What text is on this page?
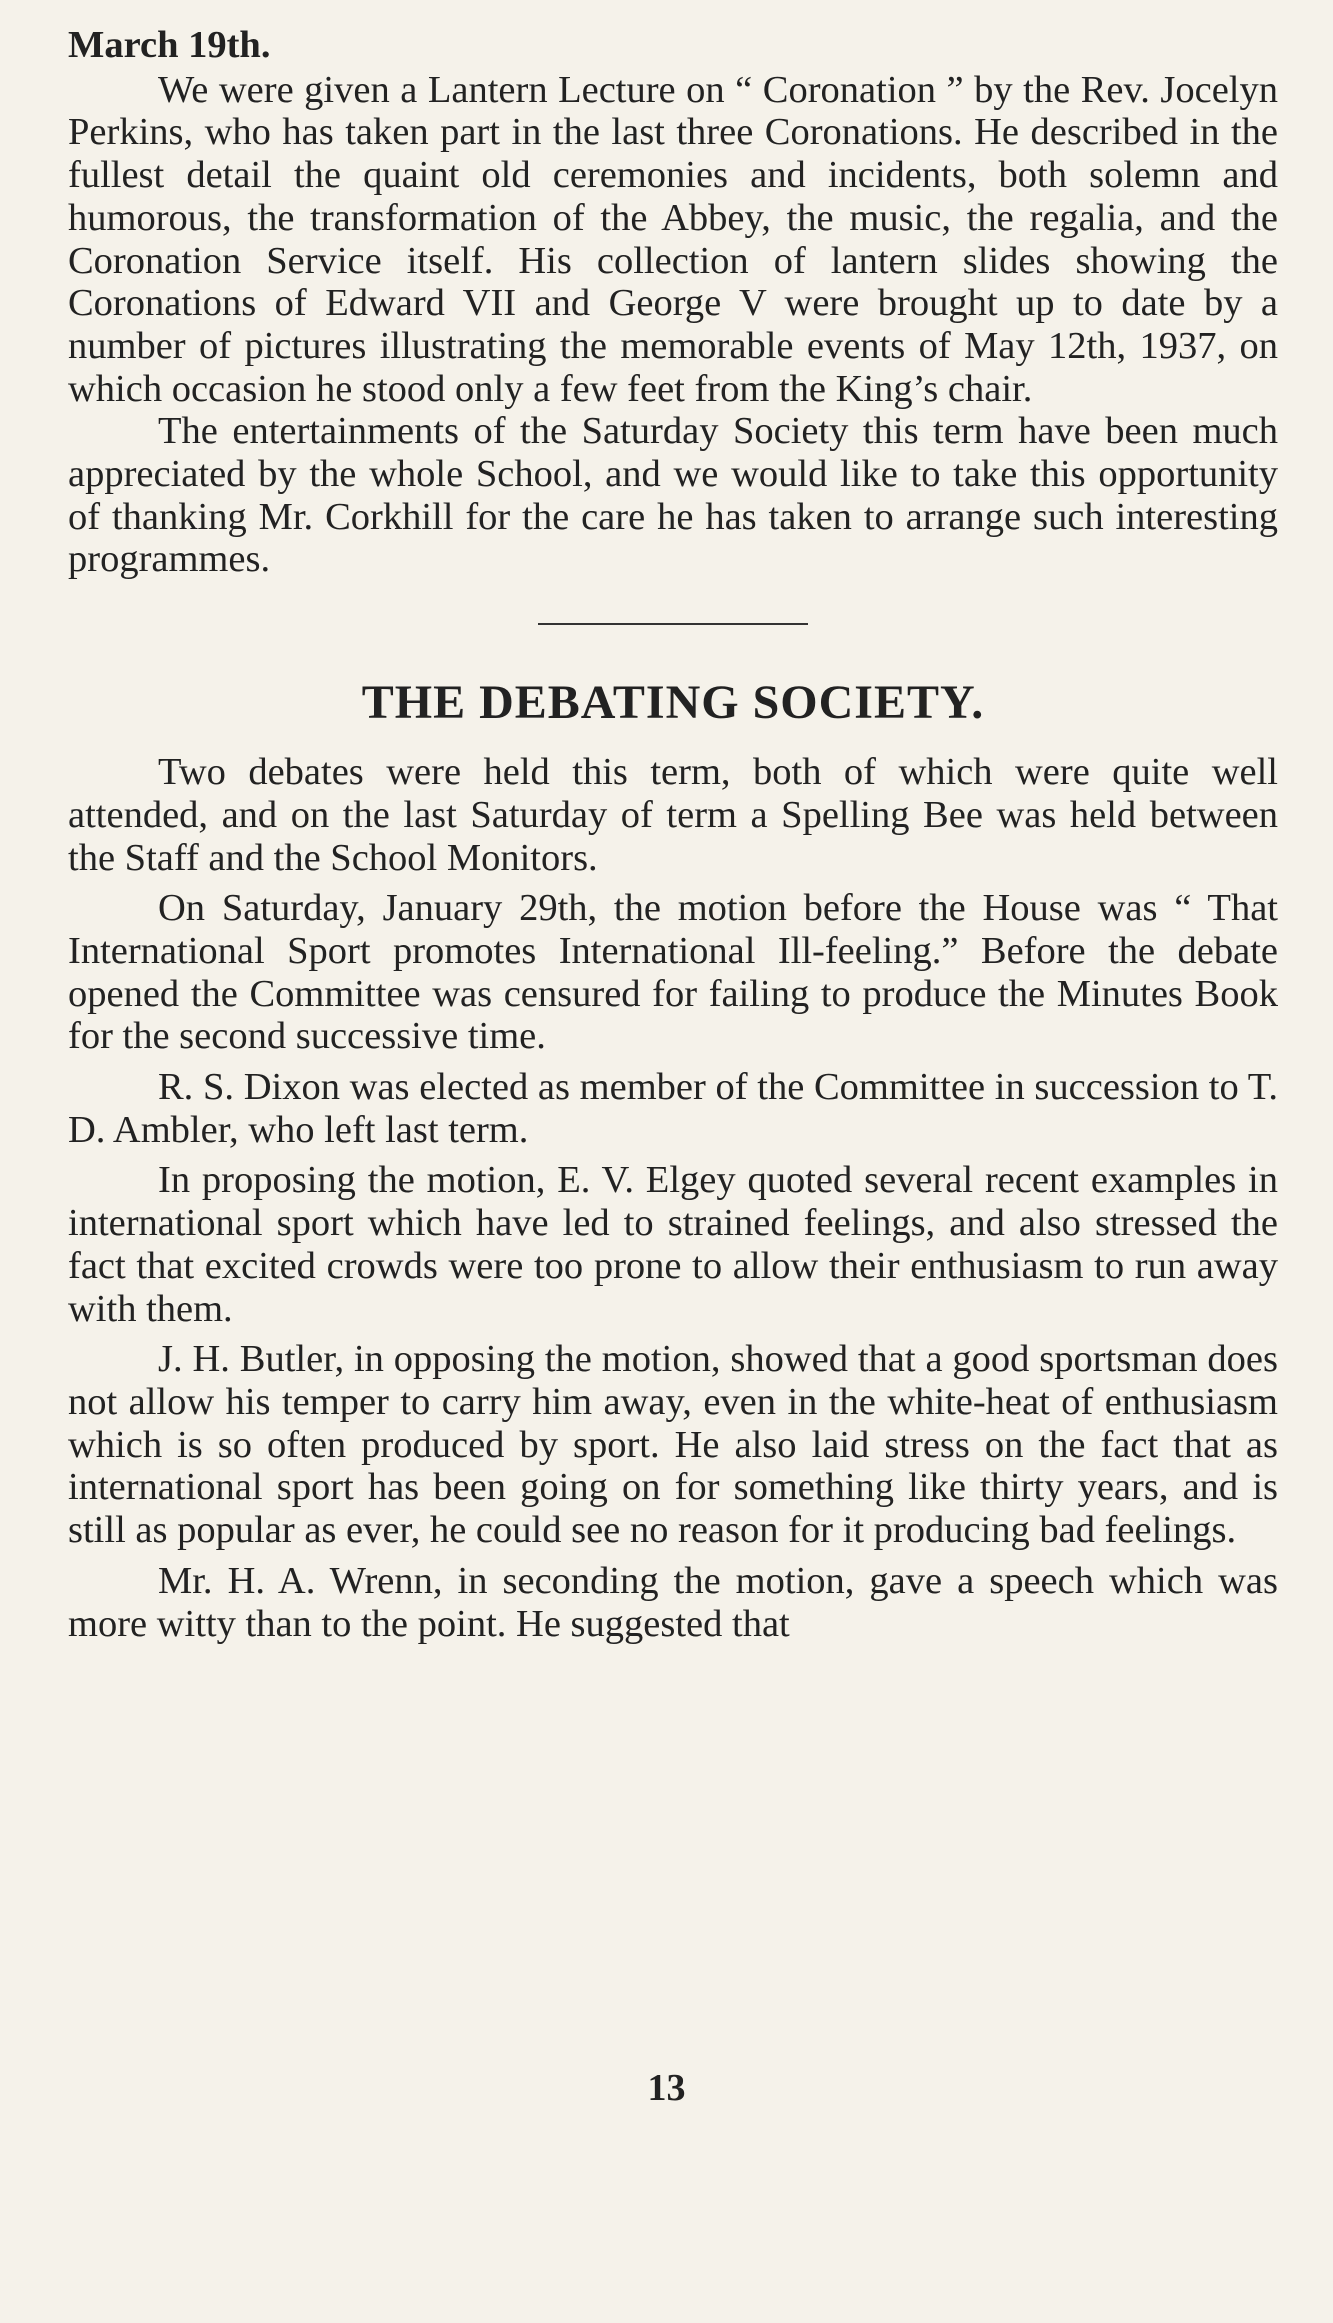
March 19th.

We were given a Lantern Lecture on “ Coronation ” by the Rev. Jocelyn Perkins, who has taken part in the last three Coronations. He described in the fullest detail the quaint old ceremonies and incidents, both solemn and humorous, the transformation of the Abbey, the music, the regalia, and the Coronation Service itself. His collection of lantern slides showing the Coronations of Edward VII and George V were brought up to date by a number of pictures illustrating the memorable events of May 12th, 1937, on which occasion he stood only a few feet from the King’s chair.

The entertainments of the Saturday Society this term have been much appreciated by the whole School, and we would like to take this opportunity of thanking Mr. Corkhill for the care he has taken to arrange such interesting programmes.

THE DEBATING SOCIETY.

Two debates were held this term, both of which were quite well attended, and on the last Saturday of term a Spelling Bee was held between the Staff and the School Monitors.

On Saturday, January 29th, the motion before the House was “ That International Sport promotes International Ill-feeling.” Before the debate opened the Committee was censured for failing to produce the Minutes Book for the second successive time.

R. S. Dixon was elected as member of the Committee in succession to T. D. Ambler, who left last term.

In proposing the motion, E. V. Elgey quoted several recent examples in international sport which have led to strained feelings, and also stressed the fact that excited crowds were too prone to allow their enthusiasm to run away with them.

J. H. Butler, in opposing the motion, showed that a good sportsman does not allow his temper to carry him away, even in the white-heat of enthusiasm which is so often produced by sport. He also laid stress on the fact that as international sport has been going on for something like thirty years, and is still as popular as ever, he could see no reason for it producing bad feelings.

Mr. H. A. Wrenn, in seconding the motion, gave a speech which was more witty than to the point. He suggested that

13
